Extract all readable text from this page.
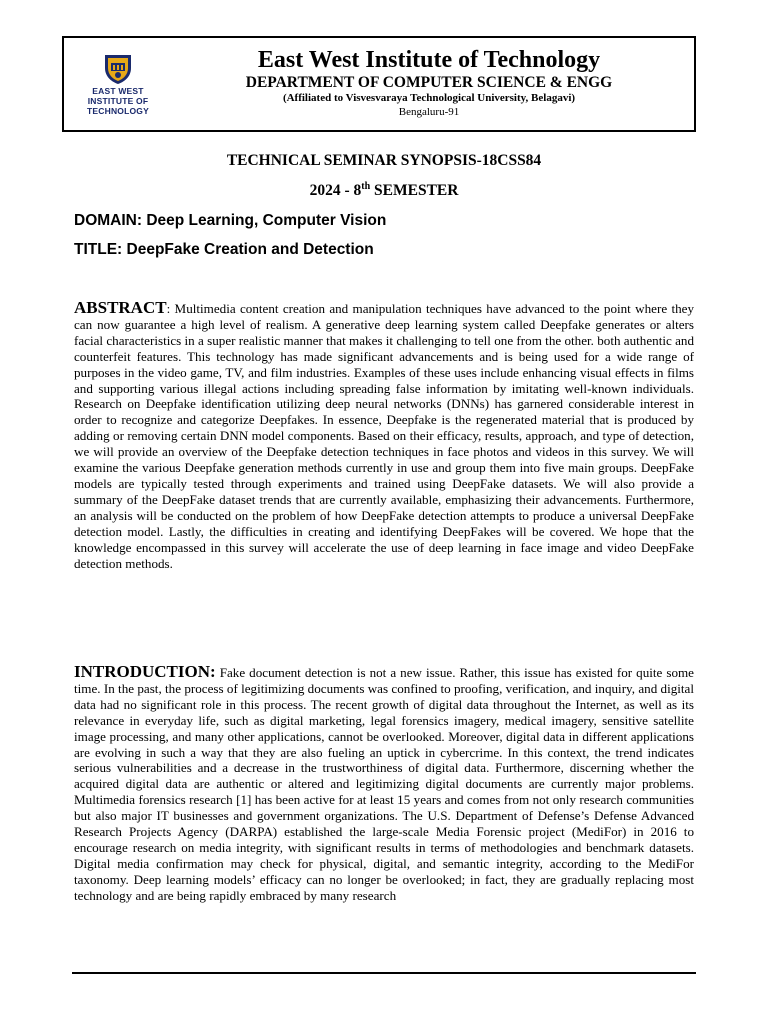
EAST WEST
INSTITUTE OF
TECHNOLOGY

East West Institute of Technology

DEPARTMENT OF COMPUTER SCIENCE & ENGG

(Affiliated to Visvesvaraya Technological University, Belagavi)

Bengaluru-91

TECHNICAL SEMINAR SYNOPSIS-18CSS84
2024 - 8th SEMESTER
DOMAIN: Deep Learning, Computer Vision
TITLE: DeepFake Creation and Detection
ABSTRACT: Multimedia content creation and manipulation techniques have advanced to the point where they can now guarantee a high level of realism. A generative deep learning system called Deepfake generates or alters facial characteristics in a super realistic manner that makes it challenging to tell one from the other. both authentic and counterfeit features. This technology has made significant advancements and is being used for a wide range of purposes in the video game, TV, and film industries. Examples of these uses include enhancing visual effects in films and supporting various illegal actions including spreading false information by imitating well-known individuals. Research on Deepfake identification utilizing deep neural networks (DNNs) has garnered considerable interest in order to recognize and categorize Deepfakes. In essence, Deepfake is the regenerated material that is produced by adding or removing certain DNN model components. Based on their efficacy, results, approach, and type of detection, we will provide an overview of the Deepfake detection techniques in face photos and videos in this survey. We will examine the various Deepfake generation methods currently in use and group them into five main groups. DeepFake models are typically tested through experiments and trained using DeepFake datasets. We will also provide a summary of the DeepFake dataset trends that are currently available, emphasizing their advancements. Furthermore, an analysis will be conducted on the problem of how DeepFake detection attempts to produce a universal DeepFake detection model. Lastly, the difficulties in creating and identifying DeepFakes will be covered. We hope that the knowledge encompassed in this survey will accelerate the use of deep learning in face image and video DeepFake detection methods.
INTRODUCTION: Fake document detection is not a new issue. Rather, this issue has existed for quite some time. In the past, the process of legitimizing documents was confined to proofing, verification, and inquiry, and digital data had no significant role in this process. The recent growth of digital data throughout the Internet, as well as its relevance in everyday life, such as digital marketing, legal forensics imagery, medical imagery, sensitive satellite image processing, and many other applications, cannot be overlooked. Moreover, digital data in different applications are evolving in such a way that they are also fueling an uptick in cybercrime. In this context, the trend indicates serious vulnerabilities and a decrease in the trustworthiness of digital data. Furthermore, discerning whether the acquired digital data are authentic or altered and legitimizing digital documents are currently major problems. Multimedia forensics research [1] has been active for at least 15 years and comes from not only research communities but also major IT businesses and government organizations. The U.S. Department of Defense’s Defense Advanced Research Projects Agency (DARPA) established the large-scale Media Forensic project (MediFor) in 2016 to encourage research on media integrity, with significant results in terms of methodologies and benchmark datasets. Digital media confirmation may check for physical, digital, and semantic integrity, according to the MediFor taxonomy. Deep learning models’ efficacy can no longer be overlooked; in fact, they are gradually replacing most technology and are being rapidly embraced by many research
